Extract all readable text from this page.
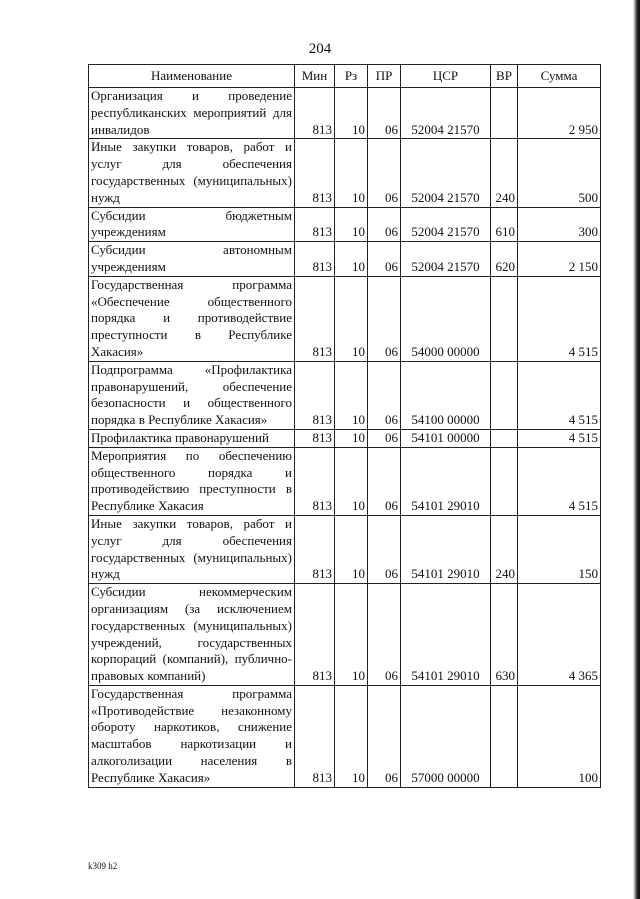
204
Наименование	Мин	Рз	ПР	ЦСР	ВР	Сумма
Организация и проведение республиканских мероприятий для инвалидов	813	10	06	52004 21570		2 950
Иные закупки товаров, работ и услуг для обеспечения государственных (муниципальных) нужд	813	10	06	52004 21570	240	500
Субсидии бюджетным учреждениям	813	10	06	52004 21570	610	300
Субсидии автономным учреждениям	813	10	06	52004 21570	620	2 150
Государственная программа «Обеспечение общественного порядка и противодействие преступности в Республике Хакасия»	813	10	06	54000 00000		4 515
Подпрограмма «Профилактика правонарушений, обеспечение безопасности и общественного порядка в Республике Хакасия»	813	10	06	54100 00000		4 515
Профилактика правонарушений	813	10	06	54101 00000		4 515
Мероприятия по обеспечению общественного порядка и противодействию преступности в Республике Хакасия	813	10	06	54101 29010		4 515
Иные закупки товаров, работ и услуг для обеспечения государственных (муниципальных) нужд	813	10	06	54101 29010	240	150
Субсидии некоммерческим организациям (за исключением государственных (муниципальных) учреждений, государственных корпораций (компаний), публично-правовых компаний)	813	10	06	54101 29010	630	4 365
Государственная программа «Противодействие незаконному обороту наркотиков, снижение масштабов наркотизации и алкоголизации населения в Республике Хакасия»	813	10	06	57000 00000		100
k309 h2
